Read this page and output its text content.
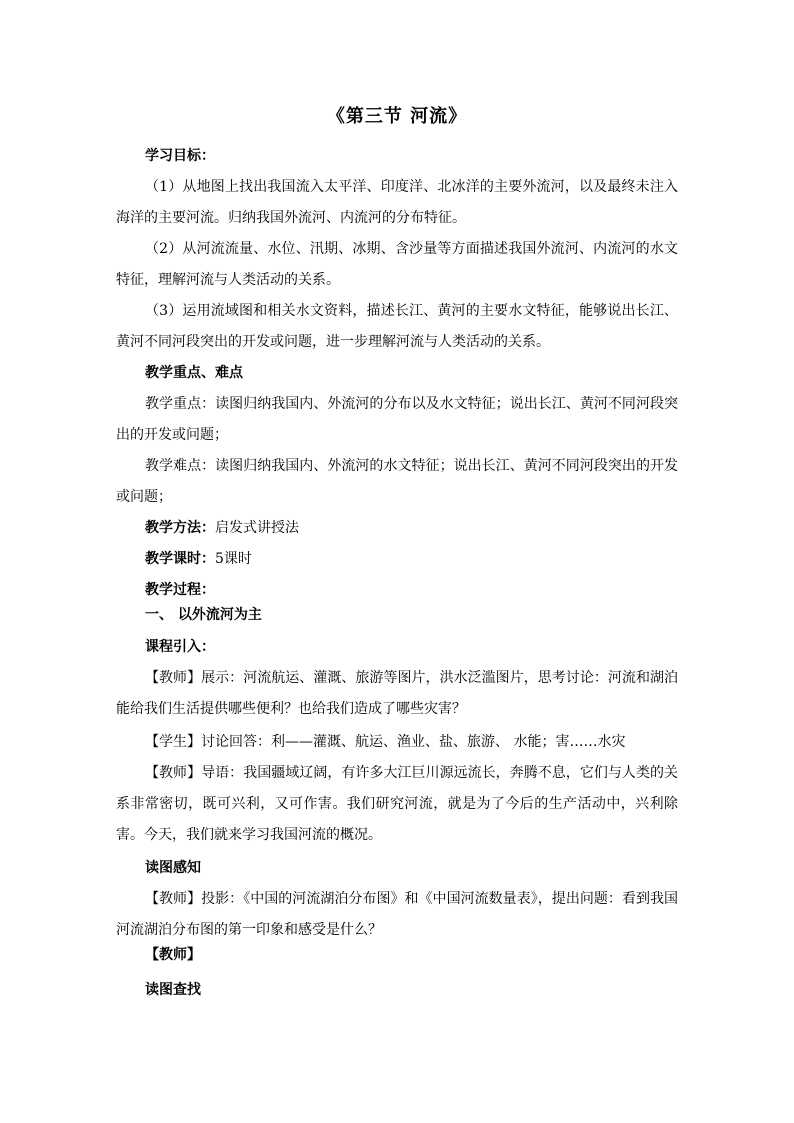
《第三节 河流》

学习目标：

（1）从地图上找出我国流入太平洋、印度洋、北冰洋的主要外流河，以及最终未注入海洋的主要河流。归纳我国外流河、内流河的分布特征。

（2）从河流流量、水位、汛期、冰期、含沙量等方面描述我国外流河、内流河的水文特征，理解河流与人类活动的关系。

（3）运用流域图和相关水文资料，描述长江、黄河的主要水文特征，能够说出长江、黄河不同河段突出的开发或问题，进一步理解河流与人类活动的关系。

教学重点、难点

教学重点：读图归纳我国内、外流河的分布以及水文特征；说出长江、黄河不同河段突出的开发或问题；

教学难点：读图归纳我国内、外流河的水文特征；说出长江、黄河不同河段突出的开发或问题；

教学方法：启发式讲授法

教学课时：5课时

教学过程：

一、 以外流河为主

课程引入：

【教师】展示：河流航运、灌溉、旅游等图片，洪水泛滥图片，思考讨论：河流和湖泊能给我们生活提供哪些便利？也给我们造成了哪些灾害？

【学生】讨论回答：利——灌溉、航运、渔业、盐、旅游、 水能；害……水灾

【教师】导语：我国疆域辽阔，有许多大江巨川源远流长，奔腾不息，它们与人类的关系非常密切，既可兴利，又可作害。我们研究河流，就是为了今后的生产活动中，兴利除害。今天，我们就来学习我国河流的概况。

读图感知

【教师】投影：《中国的河流湖泊分布图》和《中国河流数量表》，提出问题：看到我国河流湖泊分布图的第一印象和感受是什么？

【教师】

读图查找
